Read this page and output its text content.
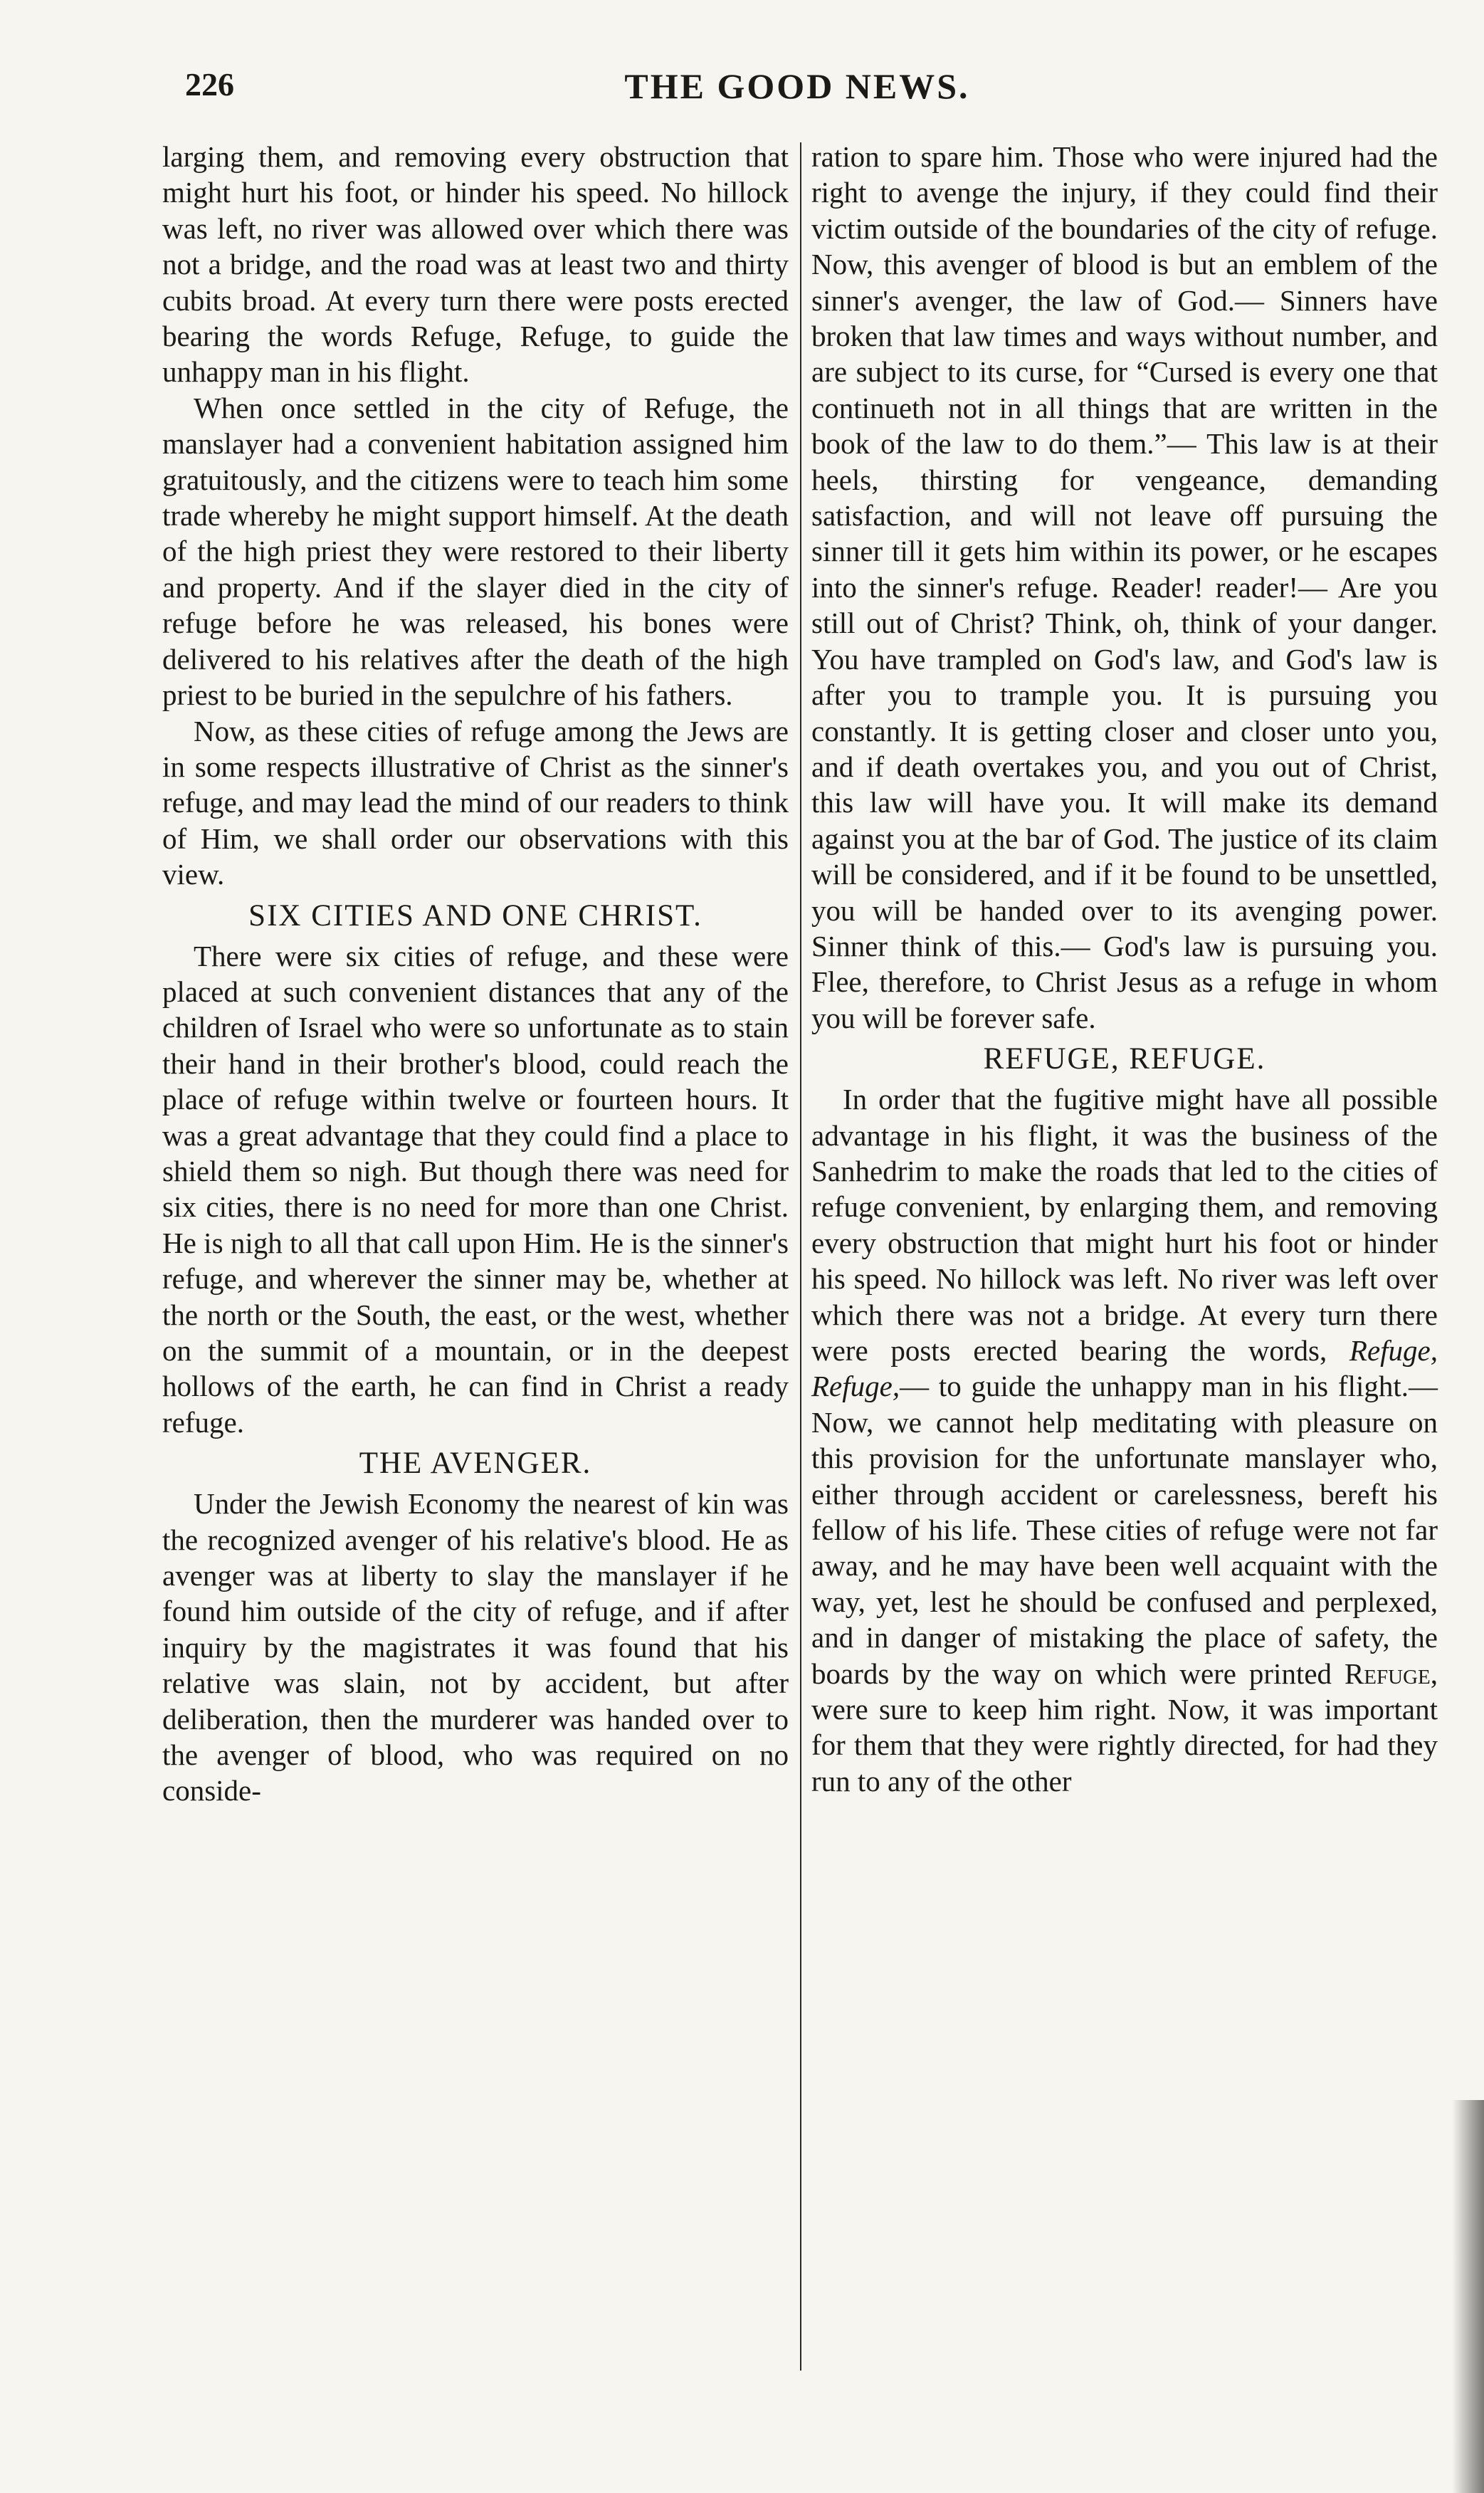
226	THE GOOD NEWS.

larging them, and removing every obstruction that might hurt his foot, or hinder his speed. No hillock was left, no river was allowed over which there was not a bridge, and the road was at least two and thirty cubits broad. At every turn there were posts erected bearing the words Refuge, Refuge, to guide the unhappy man in his flight.

When once settled in the city of Refuge, the manslayer had a convenient habitation assigned him gratuitously, and the citizens were to teach him some trade whereby he might support himself. At the death of the high priest they were restored to their liberty and property. And if the slayer died in the city of refuge before he was released, his bones were delivered to his relatives after the death of the high priest to be buried in the sepulchre of his fathers.

Now, as these cities of refuge among the Jews are in some respects illustrative of Christ as the sinner's refuge, and may lead the mind of our readers to think of Him, we shall order our observations with this view.

SIX CITIES AND ONE CHRIST.

There were six cities of refuge, and these were placed at such convenient distances that any of the children of Israel who were so unfortunate as to stain their hand in their brother's blood, could reach the place of refuge within twelve or fourteen hours. It was a great advantage that they could find a place to shield them so nigh. But though there was need for six cities, there is no need for more than one Christ. He is nigh to all that call upon Him. He is the sinner's refuge, and wherever the sinner may be, whether at the north or the South, the east, or the west, whether on the summit of a mountain, or in the deepest hollows of the earth, he can find in Christ a ready refuge.

THE AVENGER.

Under the Jewish Economy the nearest of kin was the recognized avenger of his relative's blood. He as avenger was at liberty to slay the manslayer if he found him outside of the city of refuge, and if after inquiry by the magistrates it was found that his relative was slain, not by accident, but after deliberation, then the murderer was handed over to the avenger of blood, who was required on no conside-

ration to spare him. Those who were injured had the right to avenge the injury, if they could find their victim outside of the boundaries of the city of refuge. Now, this avenger of blood is but an emblem of the sinner's avenger, the law of God.— Sinners have broken that law times and ways without number, and are subject to its curse, for “Cursed is every one that continueth not in all things that are written in the book of the law to do them.”— This law is at their heels, thirsting for vengeance, demanding satisfaction, and will not leave off pursuing the sinner till it gets him within its power, or he escapes into the sinner's refuge. Reader! reader!— Are you still out of Christ? Think, oh, think of your danger. You have trampled on God's law, and God's law is after you to trample you. It is pursuing you constantly. It is getting closer and closer unto you, and if death overtakes you, and you out of Christ, this law will have you. It will make its demand against you at the bar of God. The justice of its claim will be considered, and if it be found to be unsettled, you will be handed over to its avenging power. Sinner think of this.— God's law is pursuing you. Flee, therefore, to Christ Jesus as a refuge in whom you will be forever safe.

REFUGE, REFUGE.

In order that the fugitive might have all possible advantage in his flight, it was the business of the Sanhedrim to make the roads that led to the cities of refuge convenient, by enlarging them, and removing every obstruction that might hurt his foot or hinder his speed. No hillock was left. No river was left over which there was not a bridge. At every turn there were posts erected bearing the words, Refuge, Refuge,— to guide the unhappy man in his flight.— Now, we cannot help meditating with pleasure on this provision for the unfortunate manslayer who, either through accident or carelessness, bereft his fellow of his life. These cities of refuge were not far away, and he may have been well acquaint with the way, yet, lest he should be confused and perplexed, and in danger of mistaking the place of safety, the boards by the way on which were printed Refuge, were sure to keep him right. Now, it was important for them that they were rightly directed, for had they run to any of the other
